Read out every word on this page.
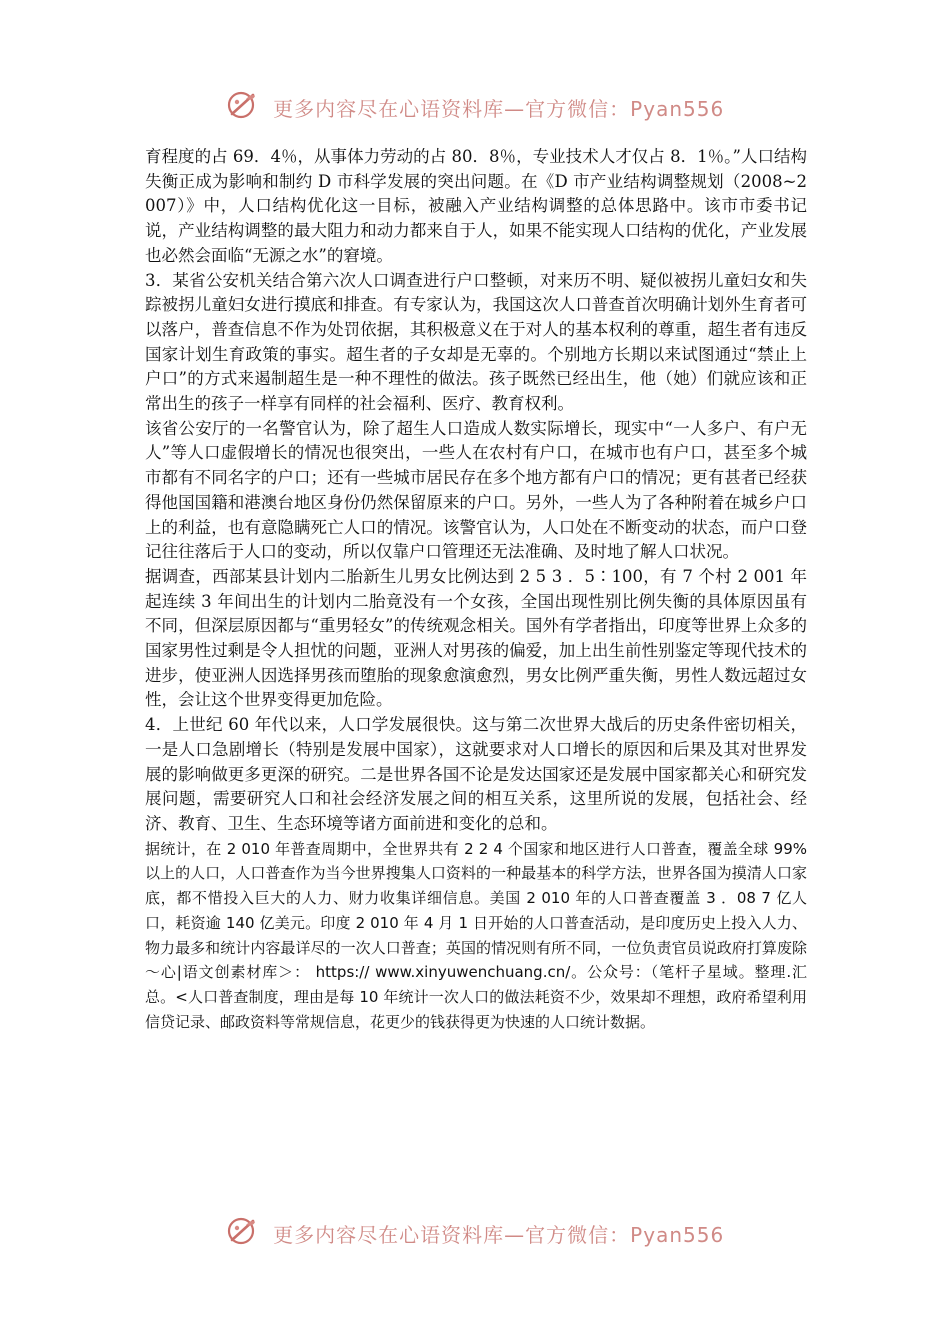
更多内容尽在心语资料库—官方微信：Pyan556

育程度的占 69．4％，从事体力劳动的占 80．8％，专业技术人才仅占 8．1％。”人口结构失衡正成为影响和制约 D 市科学发展的突出问题。在《D 市产业结构调整规划（2008~2007）》中，人口结构优化这一目标，被融入产业结构调整的总体思路中。该市市委书记说，产业结构调整的最大阻力和动力都来自于人，如果不能实现人口结构的优化，产业发展也必然会面临“无源之水”的窘境。

3．某省公安机关结合第六次人口调查进行户口整顿，对来历不明、疑似被拐儿童妇女和失踪被拐儿童妇女进行摸底和排查。有专家认为，我国这次人口普查首次明确计划外生育者可以落户，普查信息不作为处罚依据，其积极意义在于对人的基本权利的尊重，超生者有违反国家计划生育政策的事实。超生者的子女却是无辜的。个别地方长期以来试图通过“禁止上户口”的方式来遏制超生是一种不理性的做法。孩子既然已经出生，他（她）们就应该和正常出生的孩子一样享有同样的社会福利、医疗、教育权利。

该省公安厅的一名警官认为，除了超生人口造成人数实际增长，现实中“一人多户、有户无人”等人口虚假增长的情况也很突出，一些人在农村有户口，在城市也有户口，甚至多个城市都有不同名字的户口；还有一些城市居民存在多个地方都有户口的情况；更有甚者已经获得他国国籍和港澳台地区身份仍然保留原来的户口。另外，一些人为了各种附着在城乡户口上的利益，也有意隐瞒死亡人口的情况。该警官认为，人口处在不断变动的状态，而户口登记往往落后于人口的变动，所以仅靠户口管理还无法准确、及时地了解人口状况。

据调查，西部某县计划内二胎新生儿男女比例达到 2 5 3 ．5∶100，有 7 个村 2 001 年起连续 3 年间出生的计划内二胎竟没有一个女孩，全国出现性别比例失衡的具体原因虽有不同，但深层原因都与“重男轻女”的传统观念相关。国外有学者指出，印度等世界上众多的国家男性过剩是令人担忧的问题，亚洲人对男孩的偏爱，加上出生前性别鉴定等现代技术的进步，使亚洲人因选择男孩而堕胎的现象愈演愈烈，男女比例严重失衡，男性人数远超过女性，会让这个世界变得更加危险。

4．上世纪 60 年代以来，人口学发展很快。这与第二次世界大战后的历史条件密切相关，一是人口急剧增长（特别是发展中国家），这就要求对人口增长的原因和后果及其对世界发展的影响做更多更深的研究。二是世界各国不论是发达国家还是发展中国家都关心和研究发展问题，需要研究人口和社会经济发展之间的相互关系，这里所说的发展，包括社会、经济、教育、卫生、生态环境等诸方面前进和变化的总和。

据统计，在 2 010 年普查周期中，全世界共有 2 2 4 个国家和地区进行人口普查，覆盖全球 99%以上的人口，人口普查作为当今世界搜集人口资料的一种最基本的科学方法，世界各国为摸清人口家底，都不惜投入巨大的人力、财力收集详细信息。美国 2 010 年的人口普查覆盖 3 ．08 7 亿人口，耗资逾 140 亿美元。印度 2 010 年 4 月 1 日开始的人口普查活动，是印度历史上投入人力、物力最多和统计内容最详尽的一次人口普查；英国的情况则有所不同，一位负责官员说政府打算废除～心|语文创素材库＞： https:// www.xinyuwenchuang.cn/。公众号：（笔杆子星域。整理.汇总。<人口普查制度，理由是每 10 年统计一次人口的做法耗资不少，效果却不理想，政府希望利用信贷记录、邮政资料等常规信息，花更少的钱获得更为快速的人口统计数据。

更多内容尽在心语资料库—官方微信：Pyan556
